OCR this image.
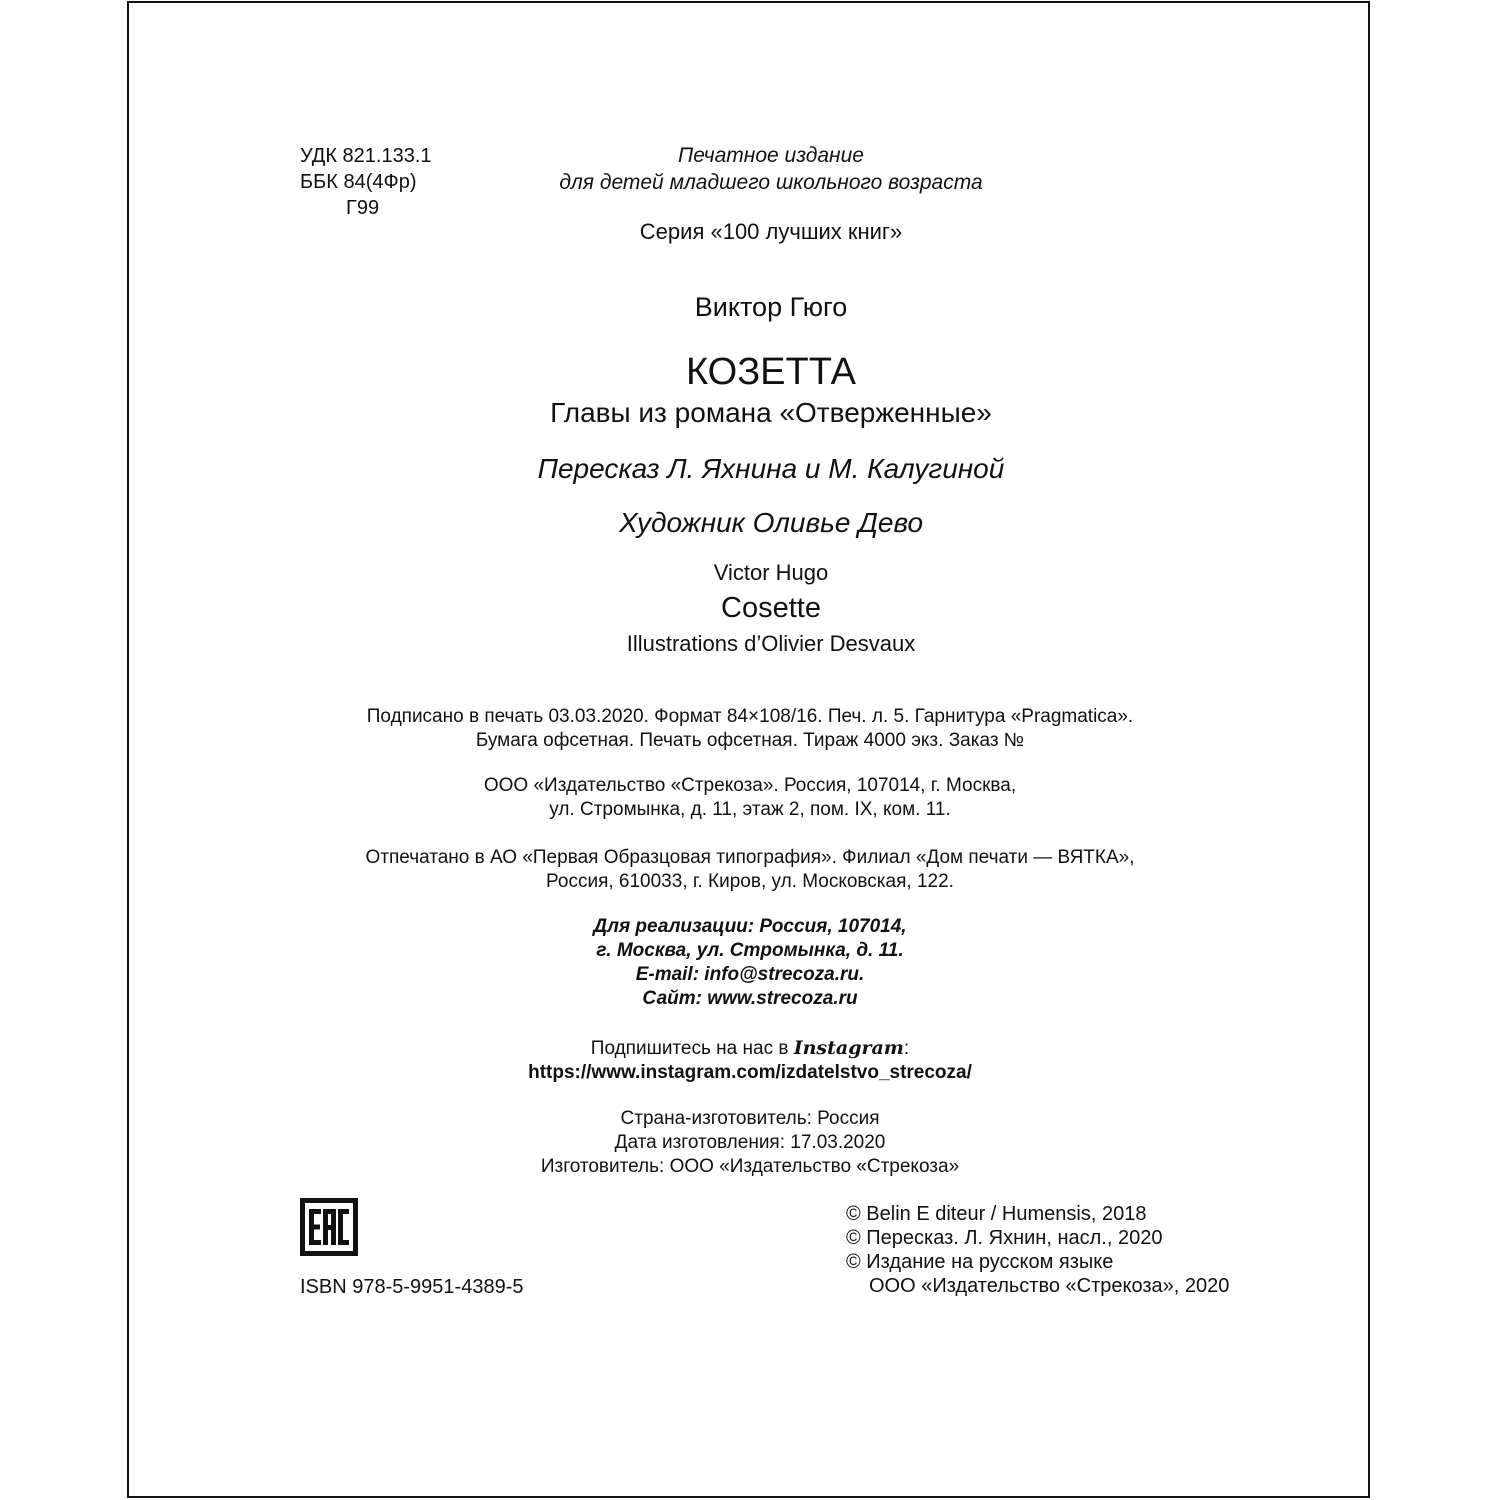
УДК 821.133.1
ББК 84(4Фр)
Г99
Печатное издание
для детей младшего школьного возраста
Серия «100 лучших книг»
Виктор Гюго
КОЗЕТТА
Главы из романа «Отверженные»
Пересказ Л. Яхнина и М. Калугиной
Художник Оливье Дево
Victor Hugo
Cosette
Illustrations d’Olivier Desvaux
Подписано в печать 03.03.2020. Формат 84×108/16. Печ. л. 5. Гарнитура «Pragmatica».
Бумага офсетная. Печать офсетная. Тираж 4000 экз. Заказ №
ООО «Издательство «Стрекоза». Россия, 107014, г. Москва,
ул. Стромынка, д. 11, этаж 2, пом. IX, ком. 11.
Отпечатано в АО «Первая Образцовая типография». Филиал «Дом печати — ВЯТКА»,
Россия, 610033, г. Киров, ул. Московская, 122.
Для реализации: Россия, 107014,
г. Москва, ул. Стромынка, д. 11.
E-mail: info@strecoza.ru.
Сайт: www.strecoza.ru
Подпишитесь на нас в Instagram:
https://www.instagram.com/izdatelstvo_strecoza/
Страна-изготовитель: Россия
Дата изготовления: 17.03.2020
Изготовитель: ООО «Издательство «Стрекоза»
ISBN 978-5-9951-4389-5
© Belin E diteur / Humensis, 2018
© Пересказ. Л. Яхнин, насл., 2020
© Издание на русском языке
ООО «Издательство «Стрекоза», 2020
